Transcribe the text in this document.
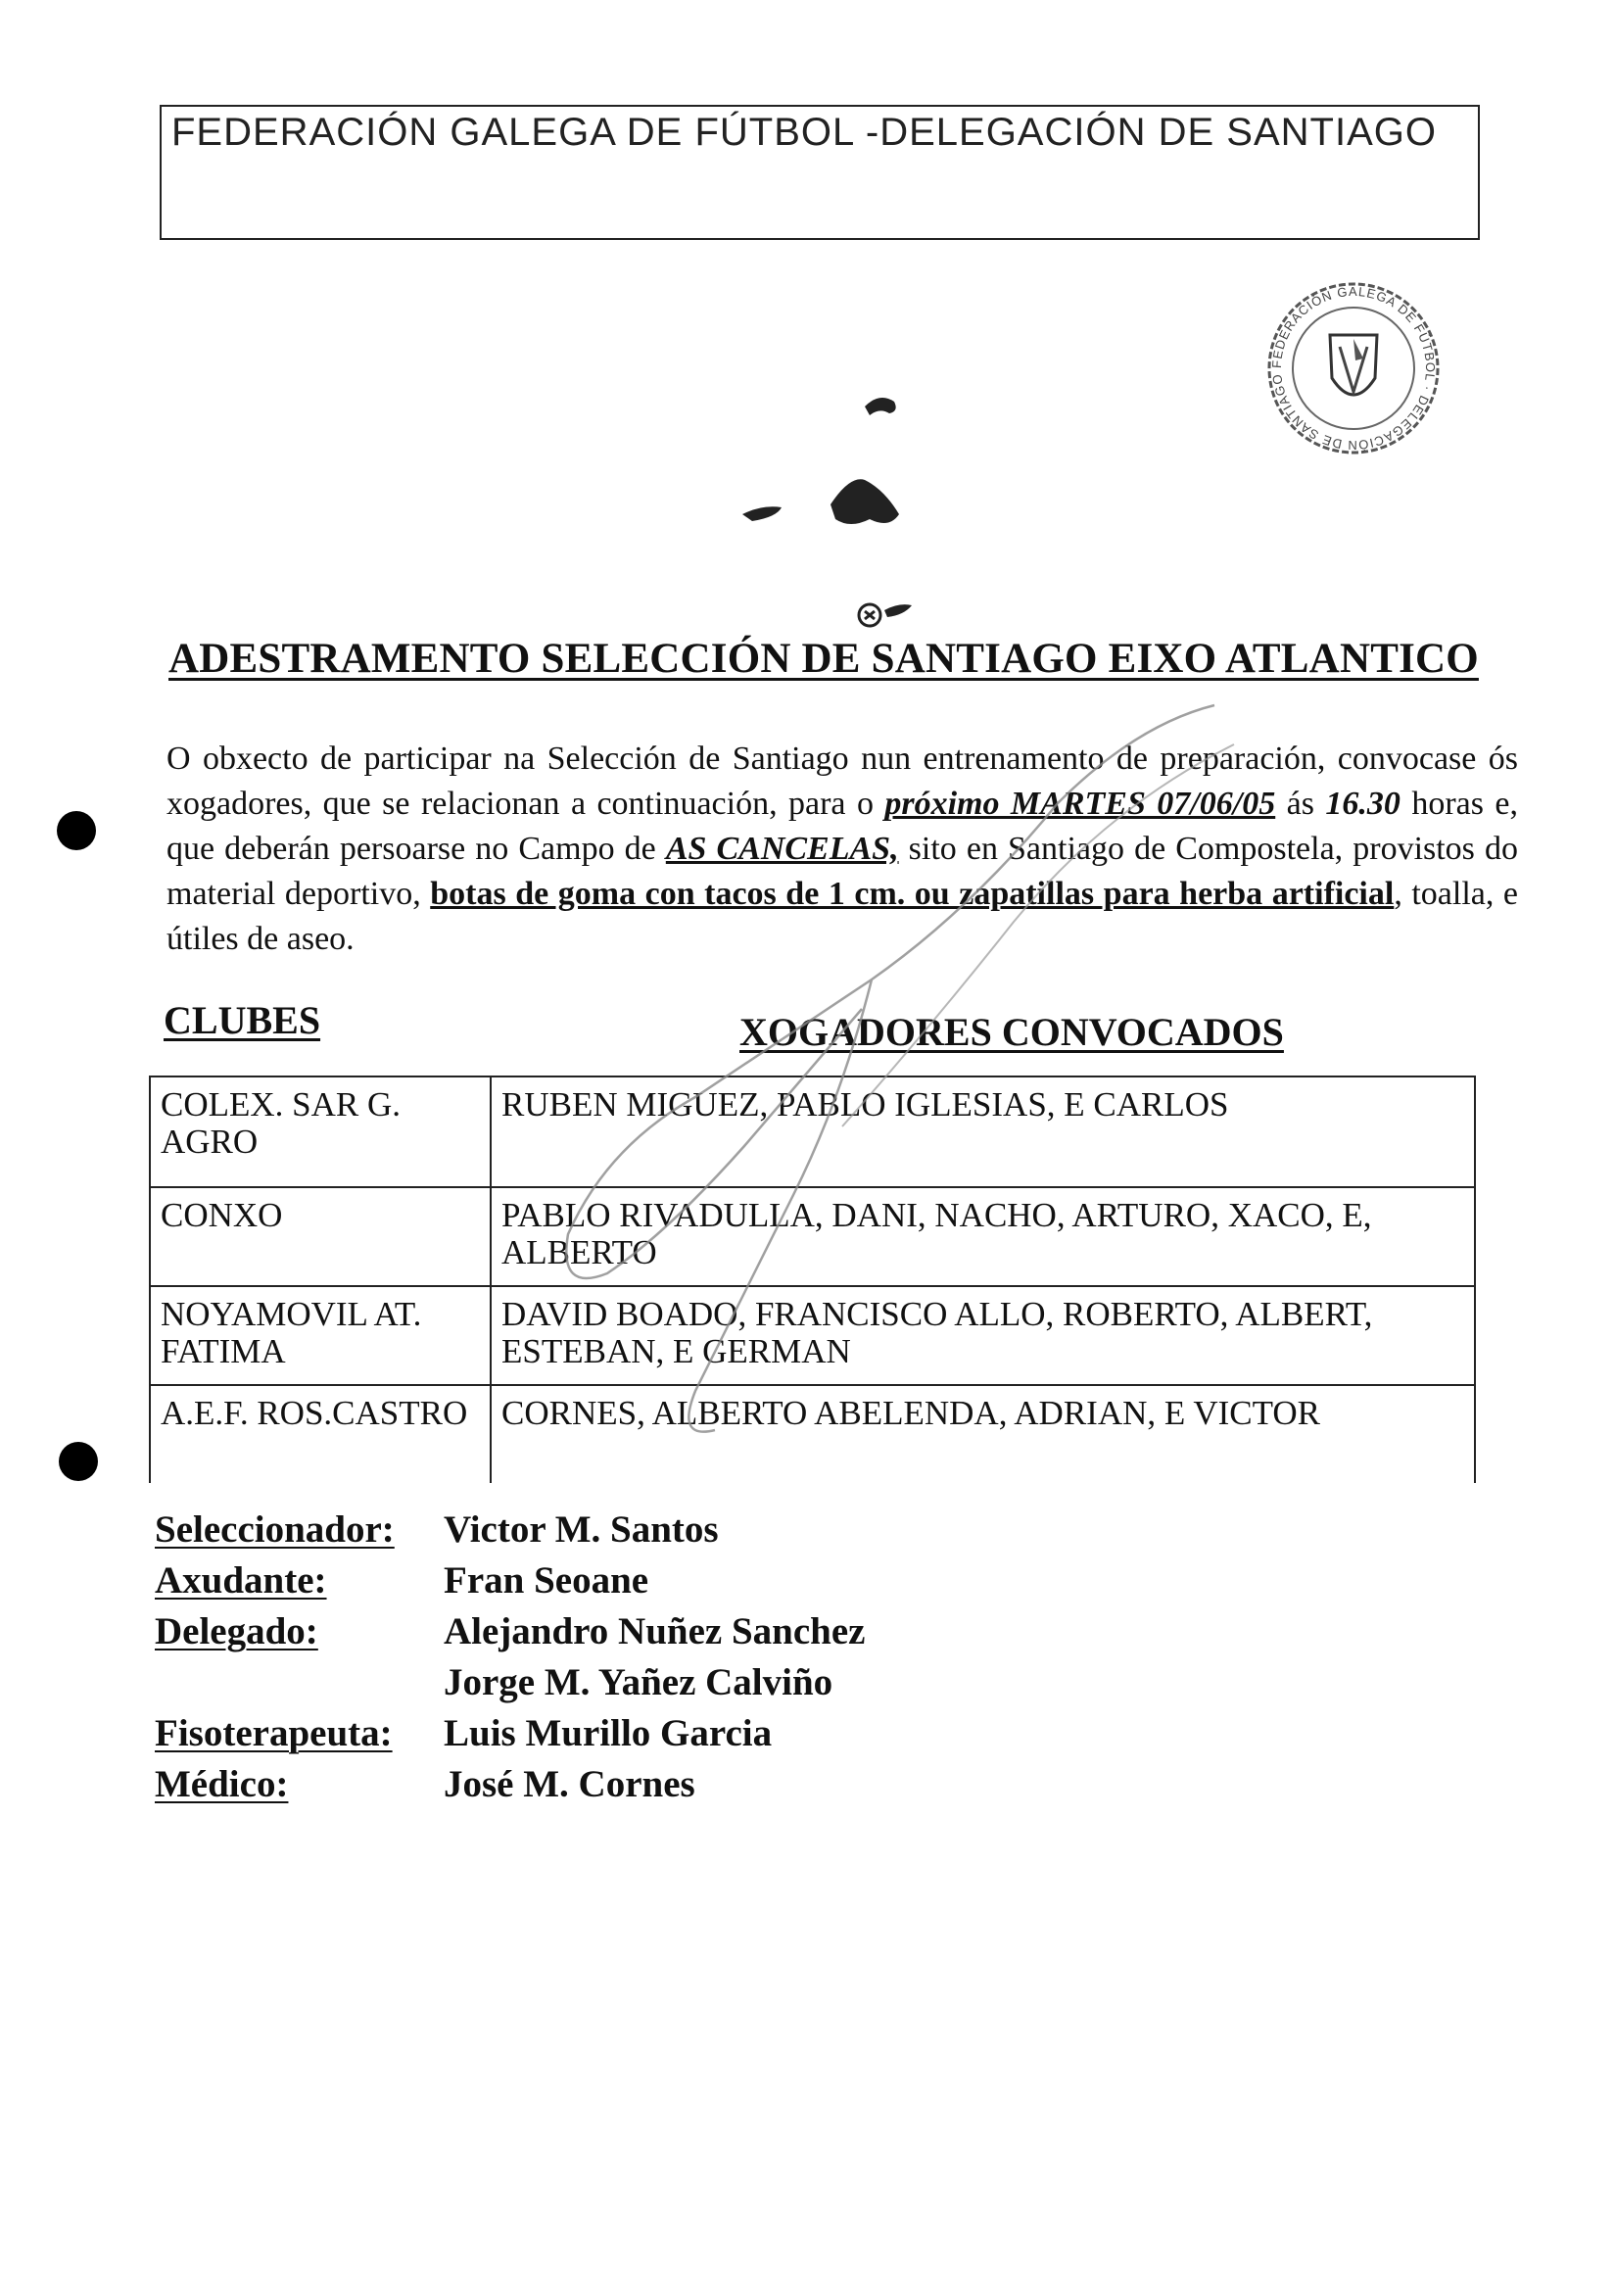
FEDERACIÓN GALEGA DE FÚTBOL -DELEGACIÓN DE SANTIAGO
FEDERACIÓN GALEGA DE FÚTBOL · DELEGACIÓN DE SANTIAGO
ADESTRAMENTO SELECCIÓN DE SANTIAGO EIXO ATLANTICO
O obxecto de participar na Selección de Santiago nun entrenamento de preparación, convocase ós xogadores, que se relacionan a continuación, para o próximo MARTES 07/06/05 ás 16.30 horas e, que deberán persoarse no Campo de AS CANCELAS, sito en Santiago de Compostela, provistos do material deportivo, botas de goma con tacos de 1 cm. ou zapatillas para herba artificial, toalla, e útiles de aseo.
CLUBES	XOGADORES CONVOCADOS
COLEX. SAR G. AGRO	RUBEN MIGUEZ, PABLO IGLESIAS, E CARLOS
CONXO	PABLO RIVADULLA, DANI, NACHO, ARTURO, XACO, E, ALBERTO
NOYAMOVIL AT. FATIMA	DAVID BOADO, FRANCISCO ALLO, ROBERTO, ALBERT, ESTEBAN, E GERMAN
A.E.F. ROS.CASTRO	CORNES, ALBERTO ABELENDA, ADRIAN, E VICTOR
Seleccionador:	Victor M. Santos
Axudante:	Fran Seoane
Delegado:	Alejandro Nuñez Sanchez
Jorge M. Yañez Calviño
Fisoterapeuta:	Luis Murillo Garcia
Médico:	José M. Cornes
